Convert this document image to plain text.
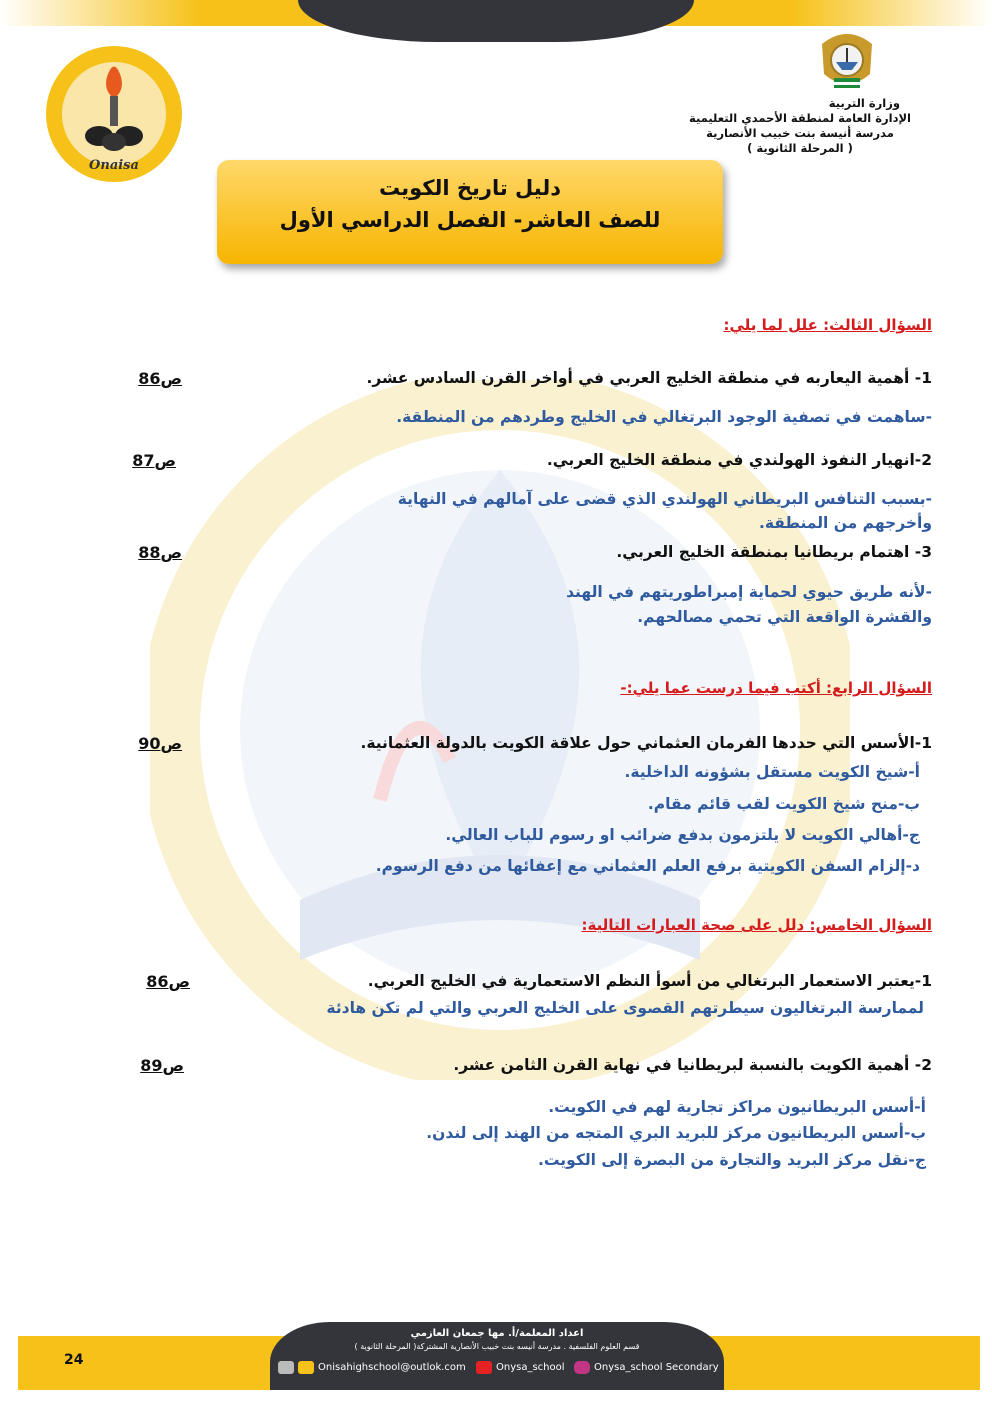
Onaisa
وزارة التربية
الإدارة العامة لمنطقة الأحمدي التعليمية
مدرسة أنيسة بنت خبيب الأنصارية
( المرحلة الثانوية )
دليل تاريخ الكويت
للصف العاشر- الفصل الدراسي الأول
السؤال الثالث: علل لما يلي:
1- أهمية اليعاربه في منطقة الخليج العربي في أواخر القرن السادس عشر.
ص86
-ساهمت في تصفية الوجود البرتغالي في الخليج وطردهم من المنطقة.
2-انهيار النفوذ الهولندي في منطقة الخليج العربي.
ص87
-بسبب التنافس البريطاني الهولندي الذي قضى على آمالهم في النهاية
وأخرجهم من المنطقة.
3- اهتمام بريطانيا بمنطقة الخليج العربي.
ص88
-لأنه طريق حيوي لحماية إمبراطوريتهم في الهند
والقشرة الواقعة التي تحمي مصالحهم.
السؤال الرابع: أكتب فيما درست عما يلي:-
1-الأسس التي حددها الفرمان العثماني حول علاقة الكويت بالدولة العثمانية.
ص90
أ-شيخ الكويت مستقل بشؤونه الداخلية.
ب-منح شيخ الكويت لقب قائم مقام.
ج-أهالي الكويت لا يلتزمون بدفع ضرائب او رسوم للباب العالي.
د-إلزام السفن الكويتية برفع العلم العثماني مع إعفائها من دفع الرسوم.
السؤال الخامس: دلل على صحة العبارات التالية:
1-يعتبر الاستعمار البرتغالي من أسوأ النظم الاستعمارية في الخليج العربي.
ص86
لممارسة البرتغاليون سيطرتهم القصوى على الخليج العربي والتي لم تكن هادئة
2- أهمية الكويت بالنسبة لبريطانيا في نهاية القرن الثامن عشر.
ص89
أ-أسس البريطانيون مراكز تجارية لهم في الكويت.
ب-أسس البريطانيون مركز للبريد البري المتجه من الهند إلى لندن.
ج-نقل مركز البريد والتجارة من البصرة إلى الكويت.
24
اعداد المعلمة/أ. مها جمعان العازمي
قسم العلوم الفلسفية . مدرسة أنيسه بنت خبيب الأنصارية المشتركة( المرحلة الثانوية )
Onisahighschool@outlok.com	Onysa_school	Onysa_school Secondary
